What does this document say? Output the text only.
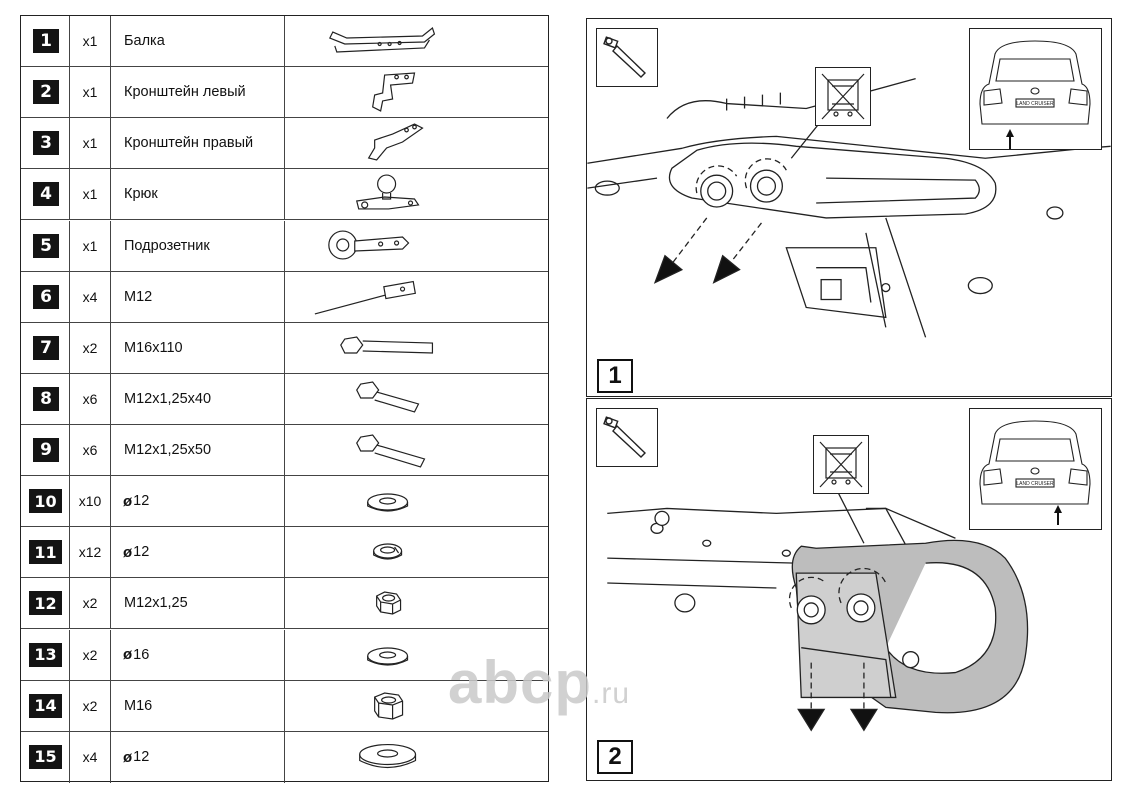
1	x1	Балка
2	x1	Кронштейн левый
3	x1	Кронштейн правый
4	x1	Крюк
5	x1	Подрозетник
6	x4	M12
7	x2	M16x110
8	x6	M12x1,25x40
9	x6	M12x1,25x50
10	x10	ø 12
11	x12	ø 12
12	x2	M12x1,25
13	x2	ø 16
14	x2	M16
15	x4	ø 12
LAND CRUISER
1
LAND CRUISER
2
abcp.ru
